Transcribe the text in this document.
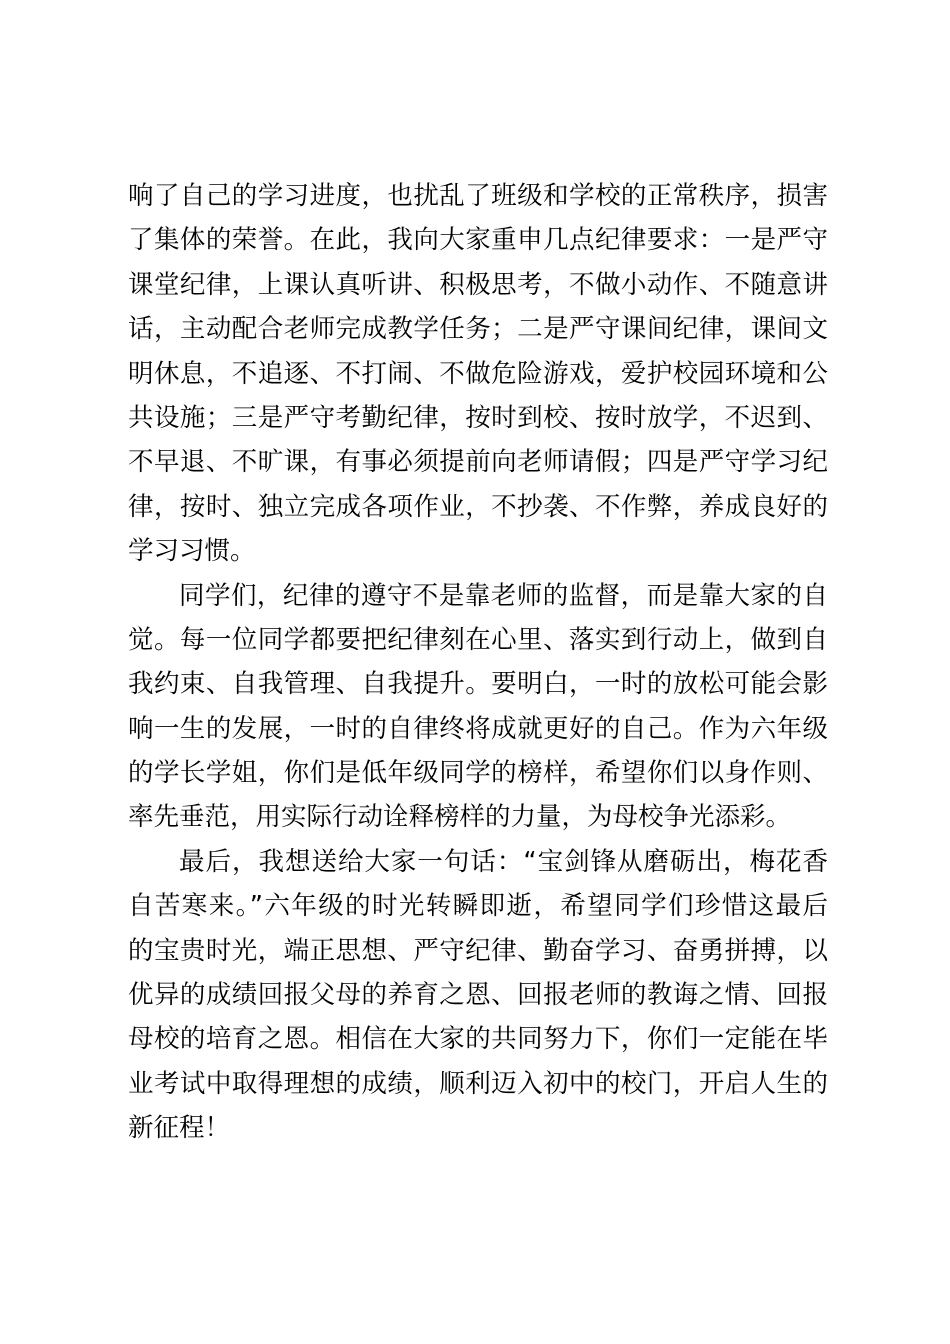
响了自己的学习进度，也扰乱了班级和学校的正常秩序，损害
了集体的荣誉。在此，我向大家重申几点纪律要求：一是严守
课堂纪律，上课认真听讲、积极思考，不做小动作、不随意讲
话，主动配合老师完成教学任务；二是严守课间纪律，课间文
明休息，不追逐、不打闹、不做危险游戏，爱护校园环境和公
共设施；三是严守考勤纪律，按时到校、按时放学，不迟到、
不早退、不旷课，有事必须提前向老师请假；四是严守学习纪
律，按时、独立完成各项作业，不抄袭、不作弊，养成良好的
学习习惯。
同学们，纪律的遵守不是靠老师的监督，而是靠大家的自
觉。每一位同学都要把纪律刻在心里、落实到行动上，做到自
我约束、自我管理、自我提升。要明白，一时的放松可能会影
响一生的发展，一时的自律终将成就更好的自己。作为六年级
的学长学姐，你们是低年级同学的榜样，希望你们以身作则、
率先垂范，用实际行动诠释榜样的力量，为母校争光添彩。
最后，我想送给大家一句话：“宝剑锋从磨砺出，梅花香
自苦寒来。”六年级的时光转瞬即逝，希望同学们珍惜这最后
的宝贵时光，端正思想、严守纪律、勤奋学习、奋勇拼搏，以
优异的成绩回报父母的养育之恩、回报老师的教诲之情、回报
母校的培育之恩。相信在大家的共同努力下，你们一定能在毕
业考试中取得理想的成绩，顺利迈入初中的校门，开启人生的
新征程！
